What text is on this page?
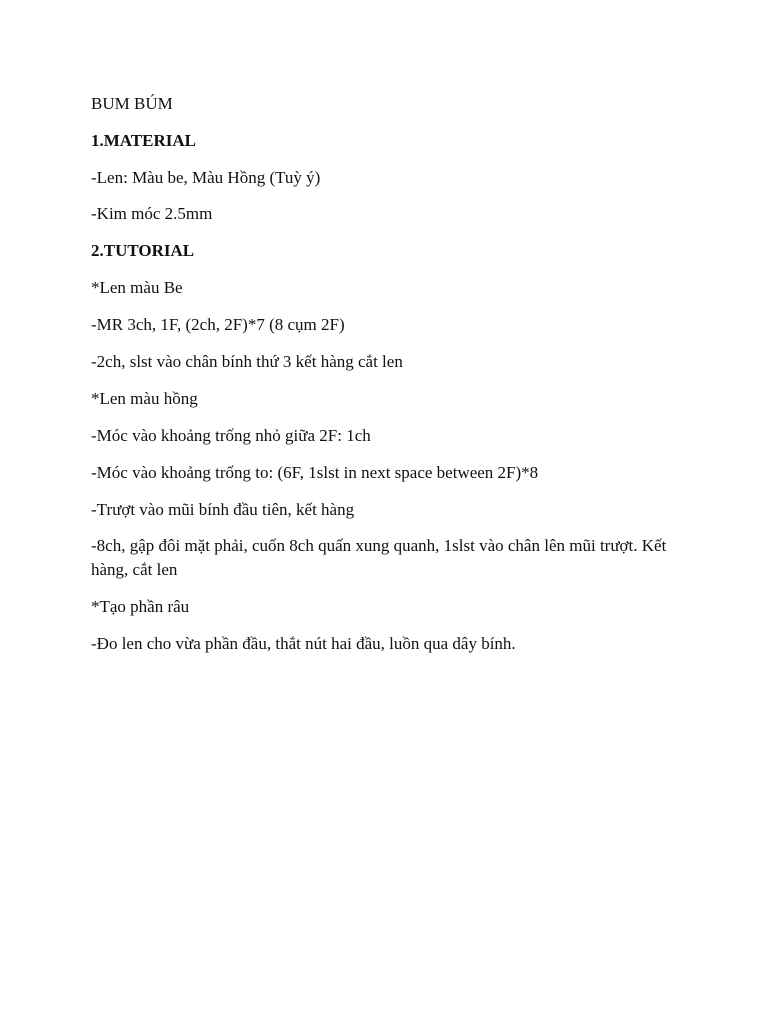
BUM BÚM

1.MATERIAL

-Len: Màu be, Màu Hồng (Tuỳ ý)

-Kim móc 2.5mm

2.TUTORIAL

*Len màu Be

-MR 3ch, 1F, (2ch, 2F)*7 (8 cụm 2F)

-2ch, slst vào chân bính thứ 3 kết hàng cắt len

*Len màu hồng

-Móc vào khoảng trống nhỏ giữa 2F: 1ch

-Móc vào khoảng trống to: (6F, 1slst in next space between 2F)*8

-Trượt vào mũi bính đầu tiên, kết hàng

-8ch, gập đôi mặt phải, cuốn 8ch quấn xung quanh, 1slst vào chân lên mũi trượt. Kết hàng, cắt len

*Tạo phần râu

-Đo len cho vừa phần đầu, thắt nút hai đầu, luồn qua dây bính.
